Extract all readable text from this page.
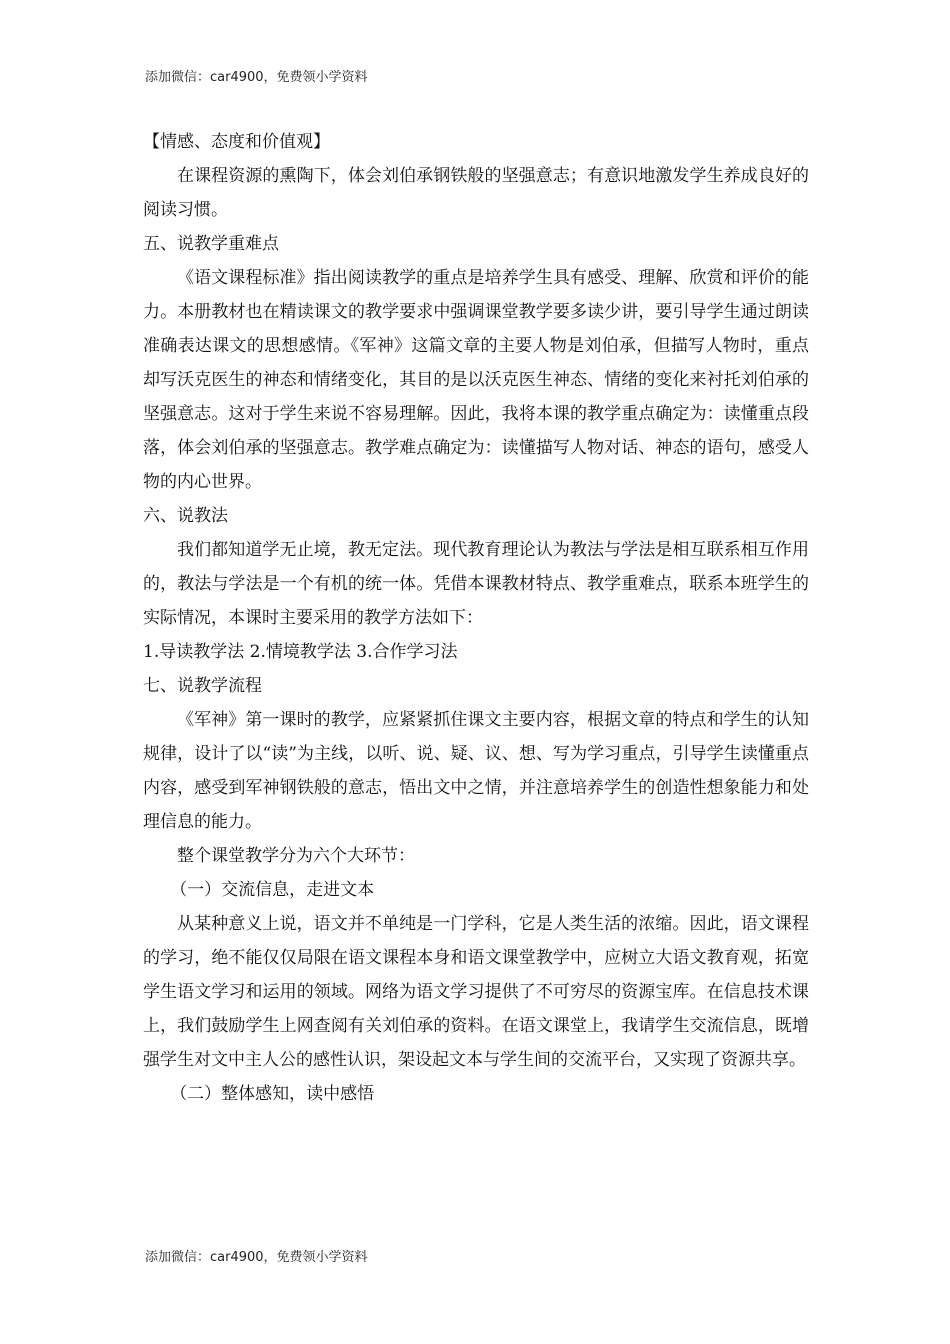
添加微信：car4900，免费领小学资料

【情感、态度和价值观】

在课程资源的熏陶下，体会刘伯承钢铁般的坚强意志；有意识地激发学生养成良好的阅读习惯。

五、说教学重难点

《语文课程标准》指出阅读教学的重点是培养学生具有感受、理解、欣赏和评价的能力。本册教材也在精读课文的教学要求中强调课堂教学要多读少讲，要引导学生通过朗读准确表达课文的思想感情。《军神》这篇文章的主要人物是刘伯承，但描写人物时，重点却写沃克医生的神态和情绪变化，其目的是以沃克医生神态、情绪的变化来衬托刘伯承的坚强意志。这对于学生来说不容易理解。因此，我将本课的教学重点确定为：读懂重点段落，体会刘伯承的坚强意志。教学难点确定为：读懂描写人物对话、神态的语句，感受人物的内心世界。

六、说教法

我们都知道学无止境，教无定法。现代教育理论认为教法与学法是相互联系相互作用的，教法与学法是一个有机的统一体。凭借本课教材特点、教学重难点，联系本班学生的实际情况，本课时主要采用的教学方法如下：

1.导读教学法 2.情境教学法 3.合作学习法

七、说教学流程

《军神》第一课时的教学，应紧紧抓住课文主要内容，根据文章的特点和学生的认知规律，设计了以“读”为主线，以听、说、疑、议、想、写为学习重点，引导学生读懂重点内容，感受到军神钢铁般的意志，悟出文中之情，并注意培养学生的创造性想象能力和处理信息的能力。

整个课堂教学分为六个大环节：

（一）交流信息，走进文本

从某种意义上说，语文并不单纯是一门学科，它是人类生活的浓缩。因此，语文课程的学习，绝不能仅仅局限在语文课程本身和语文课堂教学中，应树立大语文教育观，拓宽学生语文学习和运用的领域。网络为语文学习提供了不可穷尽的资源宝库。在信息技术课上，我们鼓励学生上网查阅有关刘伯承的资料。在语文课堂上，我请学生交流信息，既增强学生对文中主人公的感性认识，架设起文本与学生间的交流平台，又实现了资源共享。

（二）整体感知，读中感悟

添加微信：car4900，免费领小学资料
